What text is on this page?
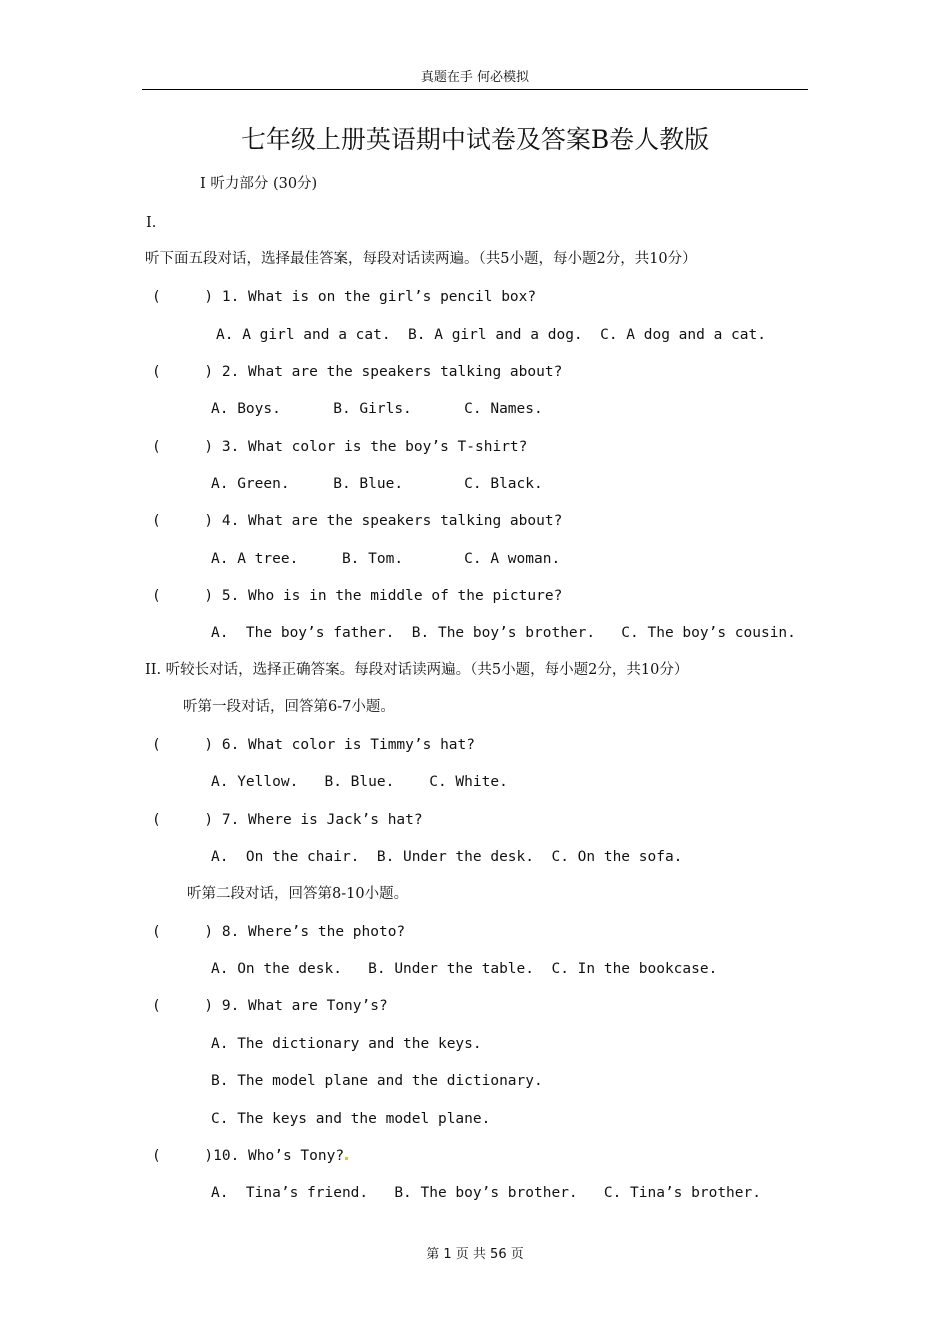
真题在手 何必模拟
七年级上册英语期中试卷及答案B卷人教版
Ⅰ 听力部分 (30分)
Ⅰ.
听下面五段对话，选择最佳答案，每段对话读两遍。（共5小题，每小题2分，共10分）
(     ) 1. What is on the girl’s pencil box?
A. A girl and a cat.  B. A girl and a dog.  C. A dog and a cat.
(     ) 2. What are the speakers talking about?
A. Boys.      B. Girls.      C. Names.
(     ) 3. What color is the boy’s T-shirt?
A. Green.     B. Blue.       C. Black.
(     ) 4. What are the speakers talking about?
A. A tree.     B. Tom.       C. A woman.
(     ) 5. Who is in the middle of the picture?
A.  The boy’s father.  B. The boy’s brother.   C. The boy’s cousin.
II. 听较长对话，选择正确答案。每段对话读两遍。（共5小题，每小题2分，共10分）
听第一段对话，回答第6-7小题。
(     ) 6. What color is Timmy’s hat?
A. Yellow.   B. Blue.    C. White.
(     ) 7. Where is Jack’s hat?
A.  On the chair.  B. Under the desk.  C. On the sofa.
听第二段对话，回答第8-10小题。
(     ) 8. Where’s the photo?
A. On the desk.   B. Under the table.  C. In the bookcase.
(     ) 9. What are Tony’s?
A. The dictionary and the keys.
B. The model plane and the dictionary.
C. The keys and the model plane.
(     )10. Who’s Tony?
A.  Tina’s friend.   B. The boy’s brother.   C. Tina’s brother.
第 1 页 共 56 页
